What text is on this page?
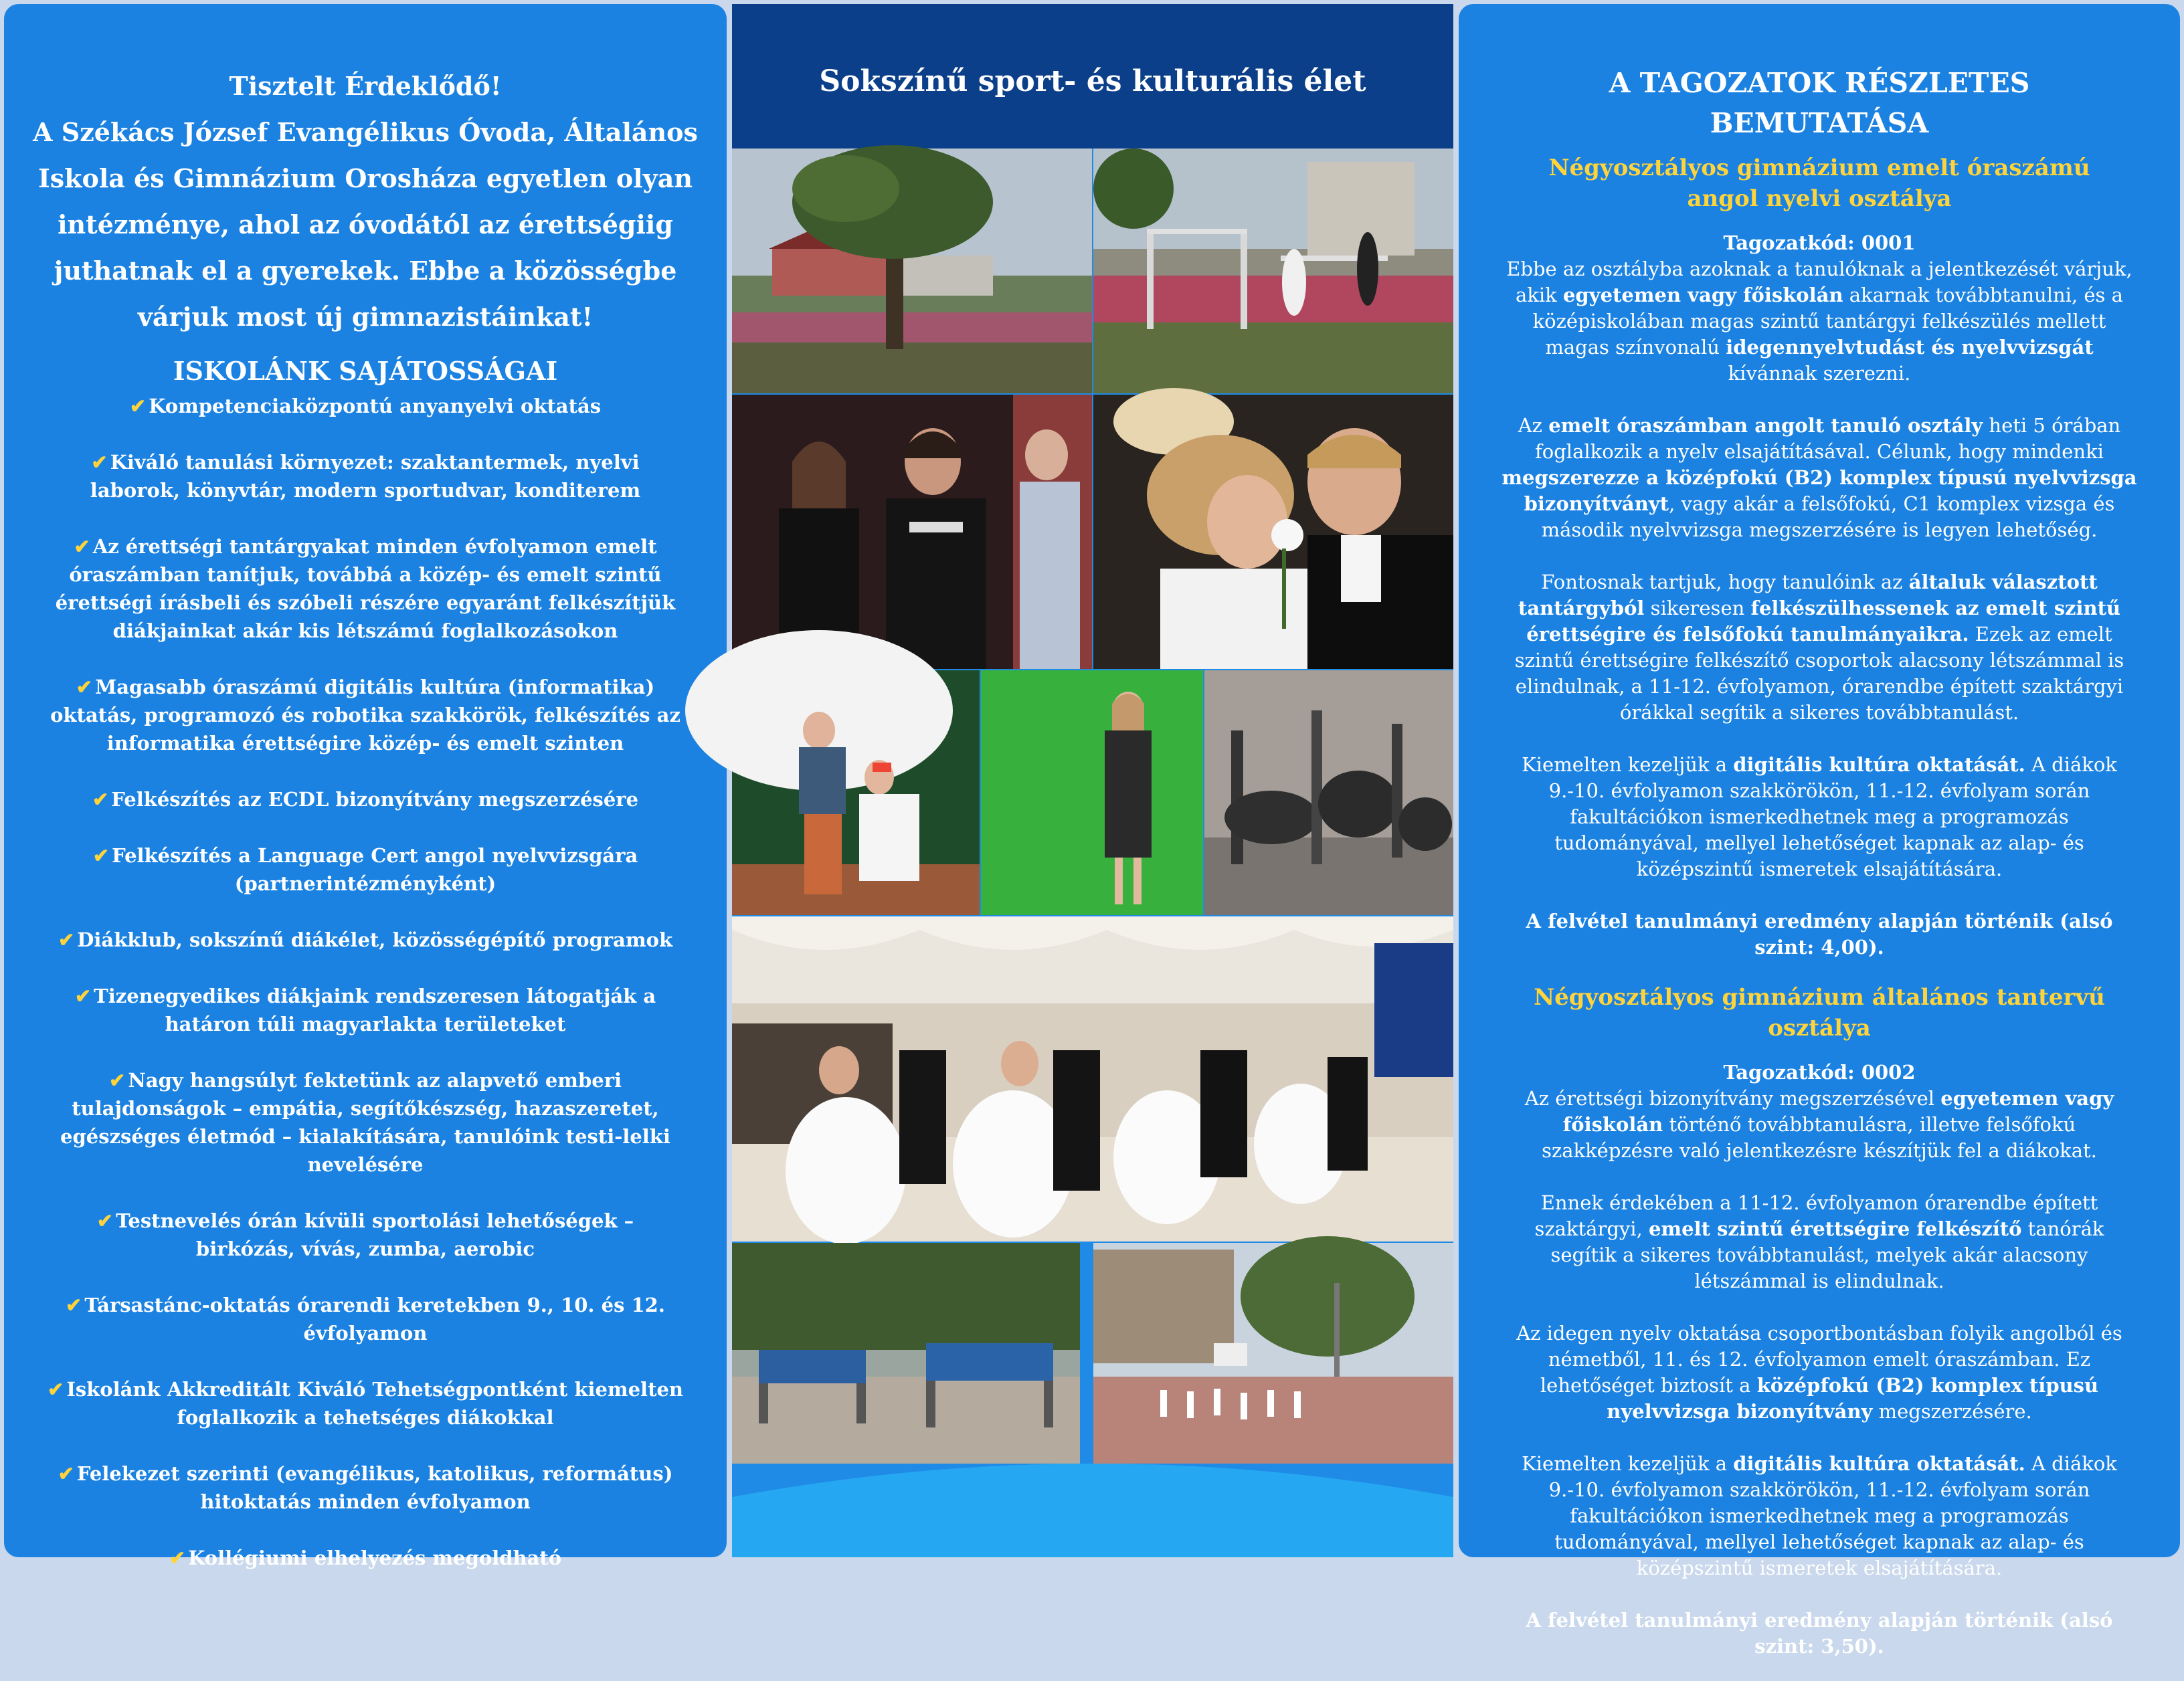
Tisztelt Érdeklődő!

A Székács József Evangélikus Óvoda, Általános

Iskola és Gimnázium Orosháza egyetlen olyan

intézménye, ahol az óvodától az érettségiig

juthatnak el a gyerekek. Ebbe a közösségbe

várjuk most új gimnazistáinkat!

ISKOLÁNK SAJÁTOSSÁGAI
✔ Kompetenciaközpontú anyanyelvi oktatás
✔ Kiváló tanulási környezet: szaktantermek, nyelvi laborok, könyvtár, modern sportudvar, konditerem
✔ Az érettségi tantárgyakat minden évfolyamon emelt óraszámban tanítjuk, továbbá a közép- és emelt szintű érettségi írásbeli és szóbeli részére egyaránt felkészítjük diákjainkat akár kis létszámú foglalkozásokon
✔ Magasabb óraszámú digitális kultúra (informatika) oktatás, programozó és robotika szakkörök, felkészítés az informatika érettségire közép- és emelt szinten
✔ Felkészítés az ECDL bizonyítvány megszerzésére
✔ Felkészítés a Language Cert angol nyelvvizsgára (partnerintézményként)
✔ Diákklub, sokszínű diákélet, közösségépítő programok
✔ Tizenegyedikes diákjaink rendszeresen látogatják a határon túli magyarlakta területeket
✔ Nagy hangsúlyt fektetünk az alapvető emberi tulajdonságok – empátia, segítőkészség, hazaszeretet, egészséges életmód – kialakítására, tanulóink testi-lelki nevelésére
✔ Testnevelés órán kívüli sportolási lehetőségek – birkózás, vívás, zumba, aerobic
✔ Társastánc-oktatás órarendi keretekben 9., 10. és 12. évfolyamon
✔ Iskolánk Akkreditált Kiváló Tehetségpontként kiemelten foglalkozik a tehetséges diákokkal
✔ Felekezet szerinti (evangélikus, katolikus, református) hitoktatás minden évfolyamon
✔ Kollégiumi elhelyezés megoldható
Sokszínű sport- és kulturális élet	A TAGOZATOK RÉSZLETES BEMUTATÁSA
Négyosztályos gimnázium emelt óraszámú
angol nyelvi osztálya
Tagozatkód: 0001

Ebbe az osztályba azoknak a tanulóknak a jelentkezését várjuk, akik egyetemen vagy főiskolán akarnak továbbtanulni, és a középiskolában magas szintű tantárgyi felkészülés mellett magas színvonalú idegennyelvtudást és nyelvvizsgát kívánnak szerezni.

Az emelt óraszámban angolt tanuló osztály heti 5 órában foglalkozik a nyelv elsajátításával. Célunk, hogy mindenki megszerezze a középfokú (B2) komplex típusú nyelvvizsga bizonyítványt, vagy akár a felsőfokú, C1 komplex vizsga és második nyelvvizsga megszerzésére is legyen lehetőség.

Fontosnak tartjuk, hogy tanulóink az általuk választott tantárgyból sikeresen felkészülhessenek az emelt szintű érettségire és felsőfokú tanulmányaikra. Ezek az emelt szintű érettségire felkészítő csoportok alacsony létszámmal is elindulnak, a 11-12. évfolyamon, órarendbe épített szaktárgyi órákkal segítik a sikeres továbbtanulást.

Kiemelten kezeljük a digitális kultúra oktatását. A diákok 9.-10. évfolyamon szakkörökön, 11.-12. évfolyam során fakultációkon ismerkedhetnek meg a programozás tudományával, mellyel lehetőséget kapnak az alap- és középszintű ismeretek elsajátítására.

A felvétel tanulmányi eredmény alapján történik (alsó szint: 4,00).

Négyosztályos gimnázium általános tantervű osztálya
Tagozatkód: 0002

Az érettségi bizonyítvány megszerzésével egyetemen vagy főiskolán történő továbbtanulásra, illetve felsőfokú szakképzésre való jelentkezésre készítjük fel a diákokat.

Ennek érdekében a 11-12. évfolyamon órarendbe épített szaktárgyi, emelt szintű érettségire felkészítő tanórák segítik a sikeres továbbtanulást, melyek akár alacsony létszámmal is elindulnak.

Az idegen nyelv oktatása csoportbontásban folyik angolból és németből, 11. és 12. évfolyamon emelt óraszámban. Ez lehetőséget biztosít a középfokú (B2) komplex típusú nyelvvizsga bizonyítvány megszerzésére.

Kiemelten kezeljük a digitális kultúra oktatását. A diákok 9.-10. évfolyamon szakkörökön, 11.-12. évfolyam során fakultációkon ismerkedhetnek meg a programozás tudományával, mellyel lehetőséget kapnak az alap- és középszintű ismeretek elsajátítására.

A felvétel tanulmányi eredmény alapján történik (alsó szint: 3,50).
